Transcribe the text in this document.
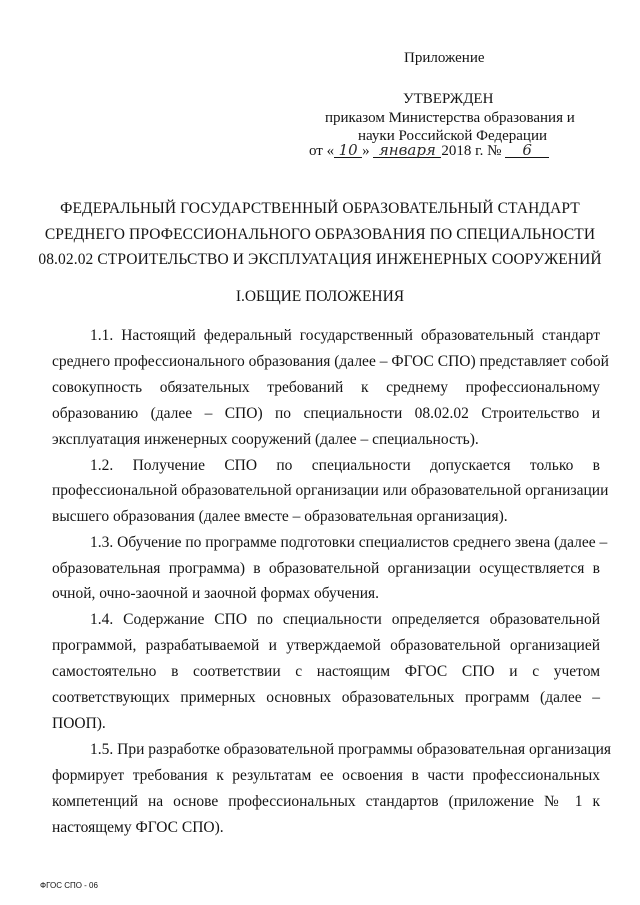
Приложение
УТВЕРЖДЕН
приказом Министерства образования и
науки Российской Федерации
от « 10 » января 2018 г. № 6
ФЕДЕРАЛЬНЫЙ ГОСУДАРСТВЕННЫЙ ОБРАЗОВАТЕЛЬНЫЙ СТАНДАРТ
СРЕДНЕГО ПРОФЕССИОНАЛЬНОГО ОБРАЗОВАНИЯ ПО СПЕЦИАЛЬНОСТИ
08.02.02 СТРОИТЕЛЬСТВО И ЭКСПЛУАТАЦИЯ ИНЖЕНЕРНЫХ СООРУЖЕНИЙ
I.ОБЩИЕ ПОЛОЖЕНИЯ
1.1. Настоящий федеральный государственный образовательный стандарт
среднего профессионального образования (далее – ФГОС СПО) представляет собой
совокупность обязательных требований к среднему профессиональному
образованию (далее – СПО) по специальности 08.02.02 Строительство и
эксплуатация инженерных сооружений (далее – специальность).
1.2. Получение СПО по специальности допускается только в
профессиональной образовательной организации или образовательной организации
высшего образования (далее вместе – образовательная организация).
1.3. Обучение по программе подготовки специалистов среднего звена (далее –
образовательная программа) в образовательной организации осуществляется в
очной, очно-заочной и заочной формах обучения.
1.4. Содержание СПО по специальности определяется образовательной
программой, разрабатываемой и утверждаемой образовательной организацией
самостоятельно в соответствии с настоящим ФГОС СПО и с учетом
соответствующих примерных основных образовательных программ (далее –
ПООП).
1.5. При разработке образовательной программы образовательная организация
формирует требования к результатам ее освоения в части профессиональных
компетенций на основе профессиональных стандартов (приложение № 1 к
настоящему ФГОС СПО).
ФГОС СПО - 06
